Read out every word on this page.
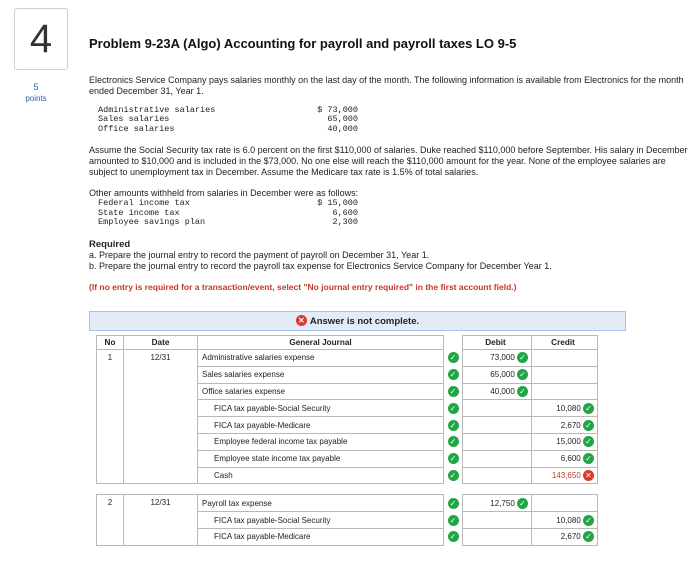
4
5
points
Problem 9-23A (Algo) Accounting for payroll and payroll taxes LO 9-5

Electronics Service Company pays salaries monthly on the last day of the month. The following information is available from Electronics for the month ended December 31, Year 1.

Administrative salaries	$ 73,000
Sales salaries	65,000
Office salaries	40,000

Assume the Social Security tax rate is 6.0 percent on the first $110,000 of salaries. Duke reached $110,000 before September. His salary in December amounted to $10,000 and is included in the $73,000. No one else will reach the $110,000 amount for the year. None of the employee salaries are subject to unemployment tax in December. Assume the Medicare tax rate is 1.5% of total salaries.

Other amounts withheld from salaries in December were as follows:

Federal income tax	$ 15,000
State income tax	6,600
Employee savings plan	2,300

Required

a. Prepare the journal entry to record the payment of payroll on December 31, Year 1.

b. Prepare the journal entry to record the payroll tax expense for Electronics Service Company for December Year 1.

(If no entry is required for a transaction/event, select "No journal entry required" in the first account field.)

✕ Answer is not complete.
No	Date	General Journal		Debit	Credit
1	12/31	Administrative salaries expense	✓	73,000 ✓	
		Sales salaries expense	✓	65,000 ✓	
		Office salaries expense	✓	40,000 ✓	
		FICA tax payable-Social Security	✓		10,080 ✓
		FICA tax payable-Medicare	✓		2,670 ✓
		Employee federal income tax payable	✓		15,000 ✓
		Employee state income tax payable	✓		6,600 ✓
		Cash	✓		143,650 ✕

2	12/31	Payroll tax expense	✓	12,750 ✓	
		FICA tax payable-Social Security	✓		10,080 ✓
		FICA tax payable-Medicare	✓		2,670 ✓
